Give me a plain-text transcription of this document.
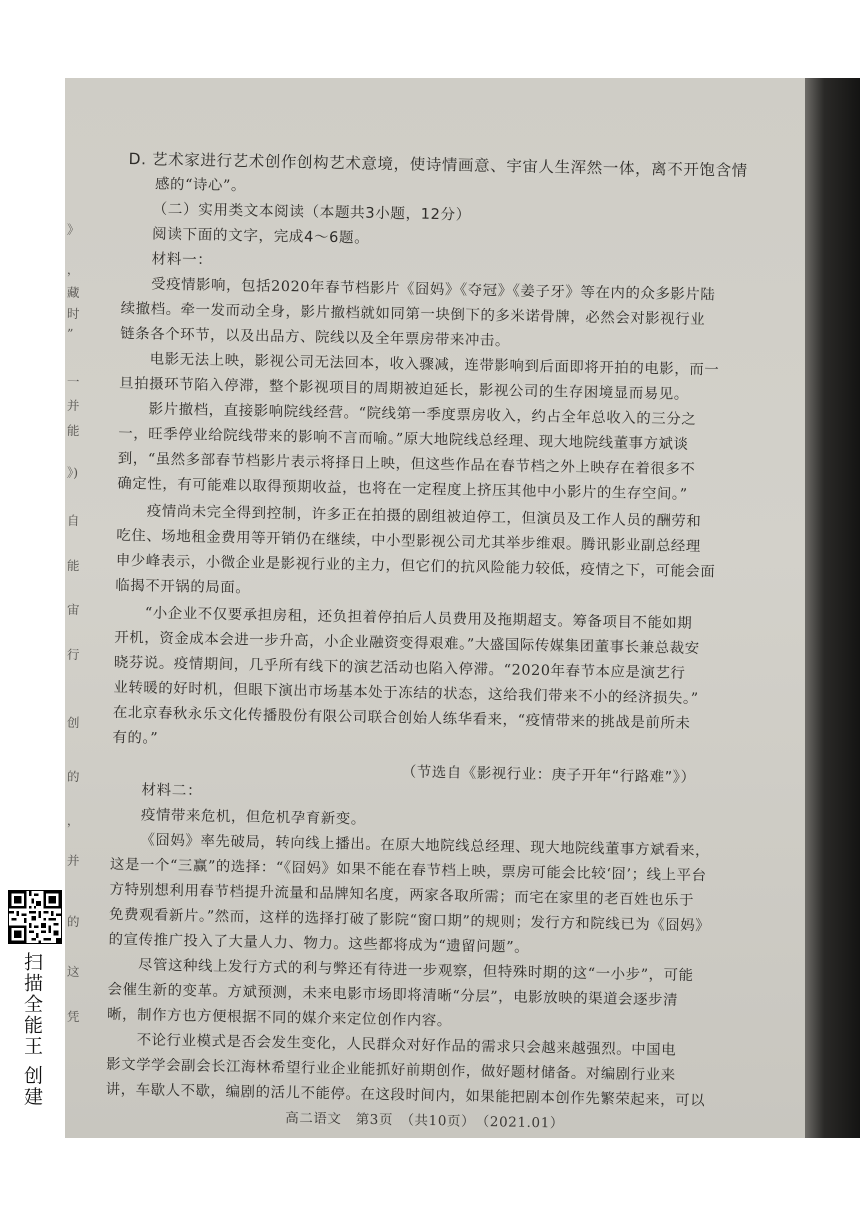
D. 艺术家进行艺术创作创构艺术意境，使诗情画意、宇宙人生浑然一体，离不开饱含情
感的“诗心”。
（二）实用类文本阅读（本题共3小题，12分）
阅读下面的文字，完成4～6题。
材料一：
受疫情影响，包括2020年春节档影片《囧妈》《夺冠》《姜子牙》等在内的众多影片陆
续撤档。牵一发而动全身，影片撤档就如同第一块倒下的多米诺骨牌，必然会对影视行业
链条各个环节，以及出品方、院线以及全年票房带来冲击。
电影无法上映，影视公司无法回本，收入骤减，连带影响到后面即将开拍的电影，而一
旦拍摄环节陷入停滞，整个影视项目的周期被迫延长，影视公司的生存困境显而易见。
影片撤档，直接影响院线经营。“院线第一季度票房收入，约占全年总收入的三分之
一，旺季停业给院线带来的影响不言而喻。”原大地院线总经理、现大地院线董事方斌谈
到，“虽然多部春节档影片表示将择日上映，但这些作品在春节档之外上映存在着很多不
确定性，有可能难以取得预期收益，也将在一定程度上挤压其他中小影片的生存空间。”
疫情尚未完全得到控制，许多正在拍摄的剧组被迫停工，但演员及工作人员的酬劳和
吃住、场地租金费用等开销仍在继续，中小型影视公司尤其举步维艰。腾讯影业副总经理
申少峰表示，小微企业是影视行业的主力，但它们的抗风险能力较低，疫情之下，可能会面
临揭不开锅的局面。
“小企业不仅要承担房租，还负担着停拍后人员费用及拖期超支。筹备项目不能如期
开机，资金成本会进一步升高，小企业融资变得艰难。”大盛国际传媒集团董事长兼总裁安
晓芬说。疫情期间，几乎所有线下的演艺活动也陷入停滞。“2020年春节本应是演艺行
业转暖的好时机，但眼下演出市场基本处于冻结的状态，这给我们带来不小的经济损失。”
在北京春秋永乐文化传播股份有限公司联合创始人练华看来，“疫情带来的挑战是前所未
有的。”
（节选自《影视行业：庚子开年“行路难”》）
材料二：
疫情带来危机，但危机孕育新变。
《囧妈》率先破局，转向线上播出。在原大地院线总经理、现大地院线董事方斌看来，
这是一个“三赢”的选择：“《囧妈》如果不能在春节档上映，票房可能会比较‘囧’；线上平台
方特别想利用春节档提升流量和品牌知名度，两家各取所需；而宅在家里的老百姓也乐于
免费观看新片。”然而，这样的选择打破了影院“窗口期”的规则；发行方和院线已为《囧妈》
的宣传推广投入了大量人力、物力。这些都将成为“遗留问题”。
尽管这种线上发行方式的利与弊还有待进一步观察，但特殊时期的这“一小步”，可能
会催生新的变革。方斌预测，未来电影市场即将清晰“分层”，电影放映的渠道会逐步清
晰，制作方也方便根据不同的媒介来定位创作内容。
不论行业模式是否会发生变化，人民群众对好作品的需求只会越来越强烈。中国电
影文学学会副会长江海林希望行业企业能抓好前期创作，做好题材储备。对编剧行业来
讲，车歇人不歇，编剧的活儿不能停。在这段时间内，如果能把剧本创作先繁荣起来，可以
高二语文　第3页　（共10页）　（2021.01）
》
，
藏
时
”
一
并
能
》)
自
能
宙
行
创
的
，
并
的
这
凭
扫描全能王 创建
